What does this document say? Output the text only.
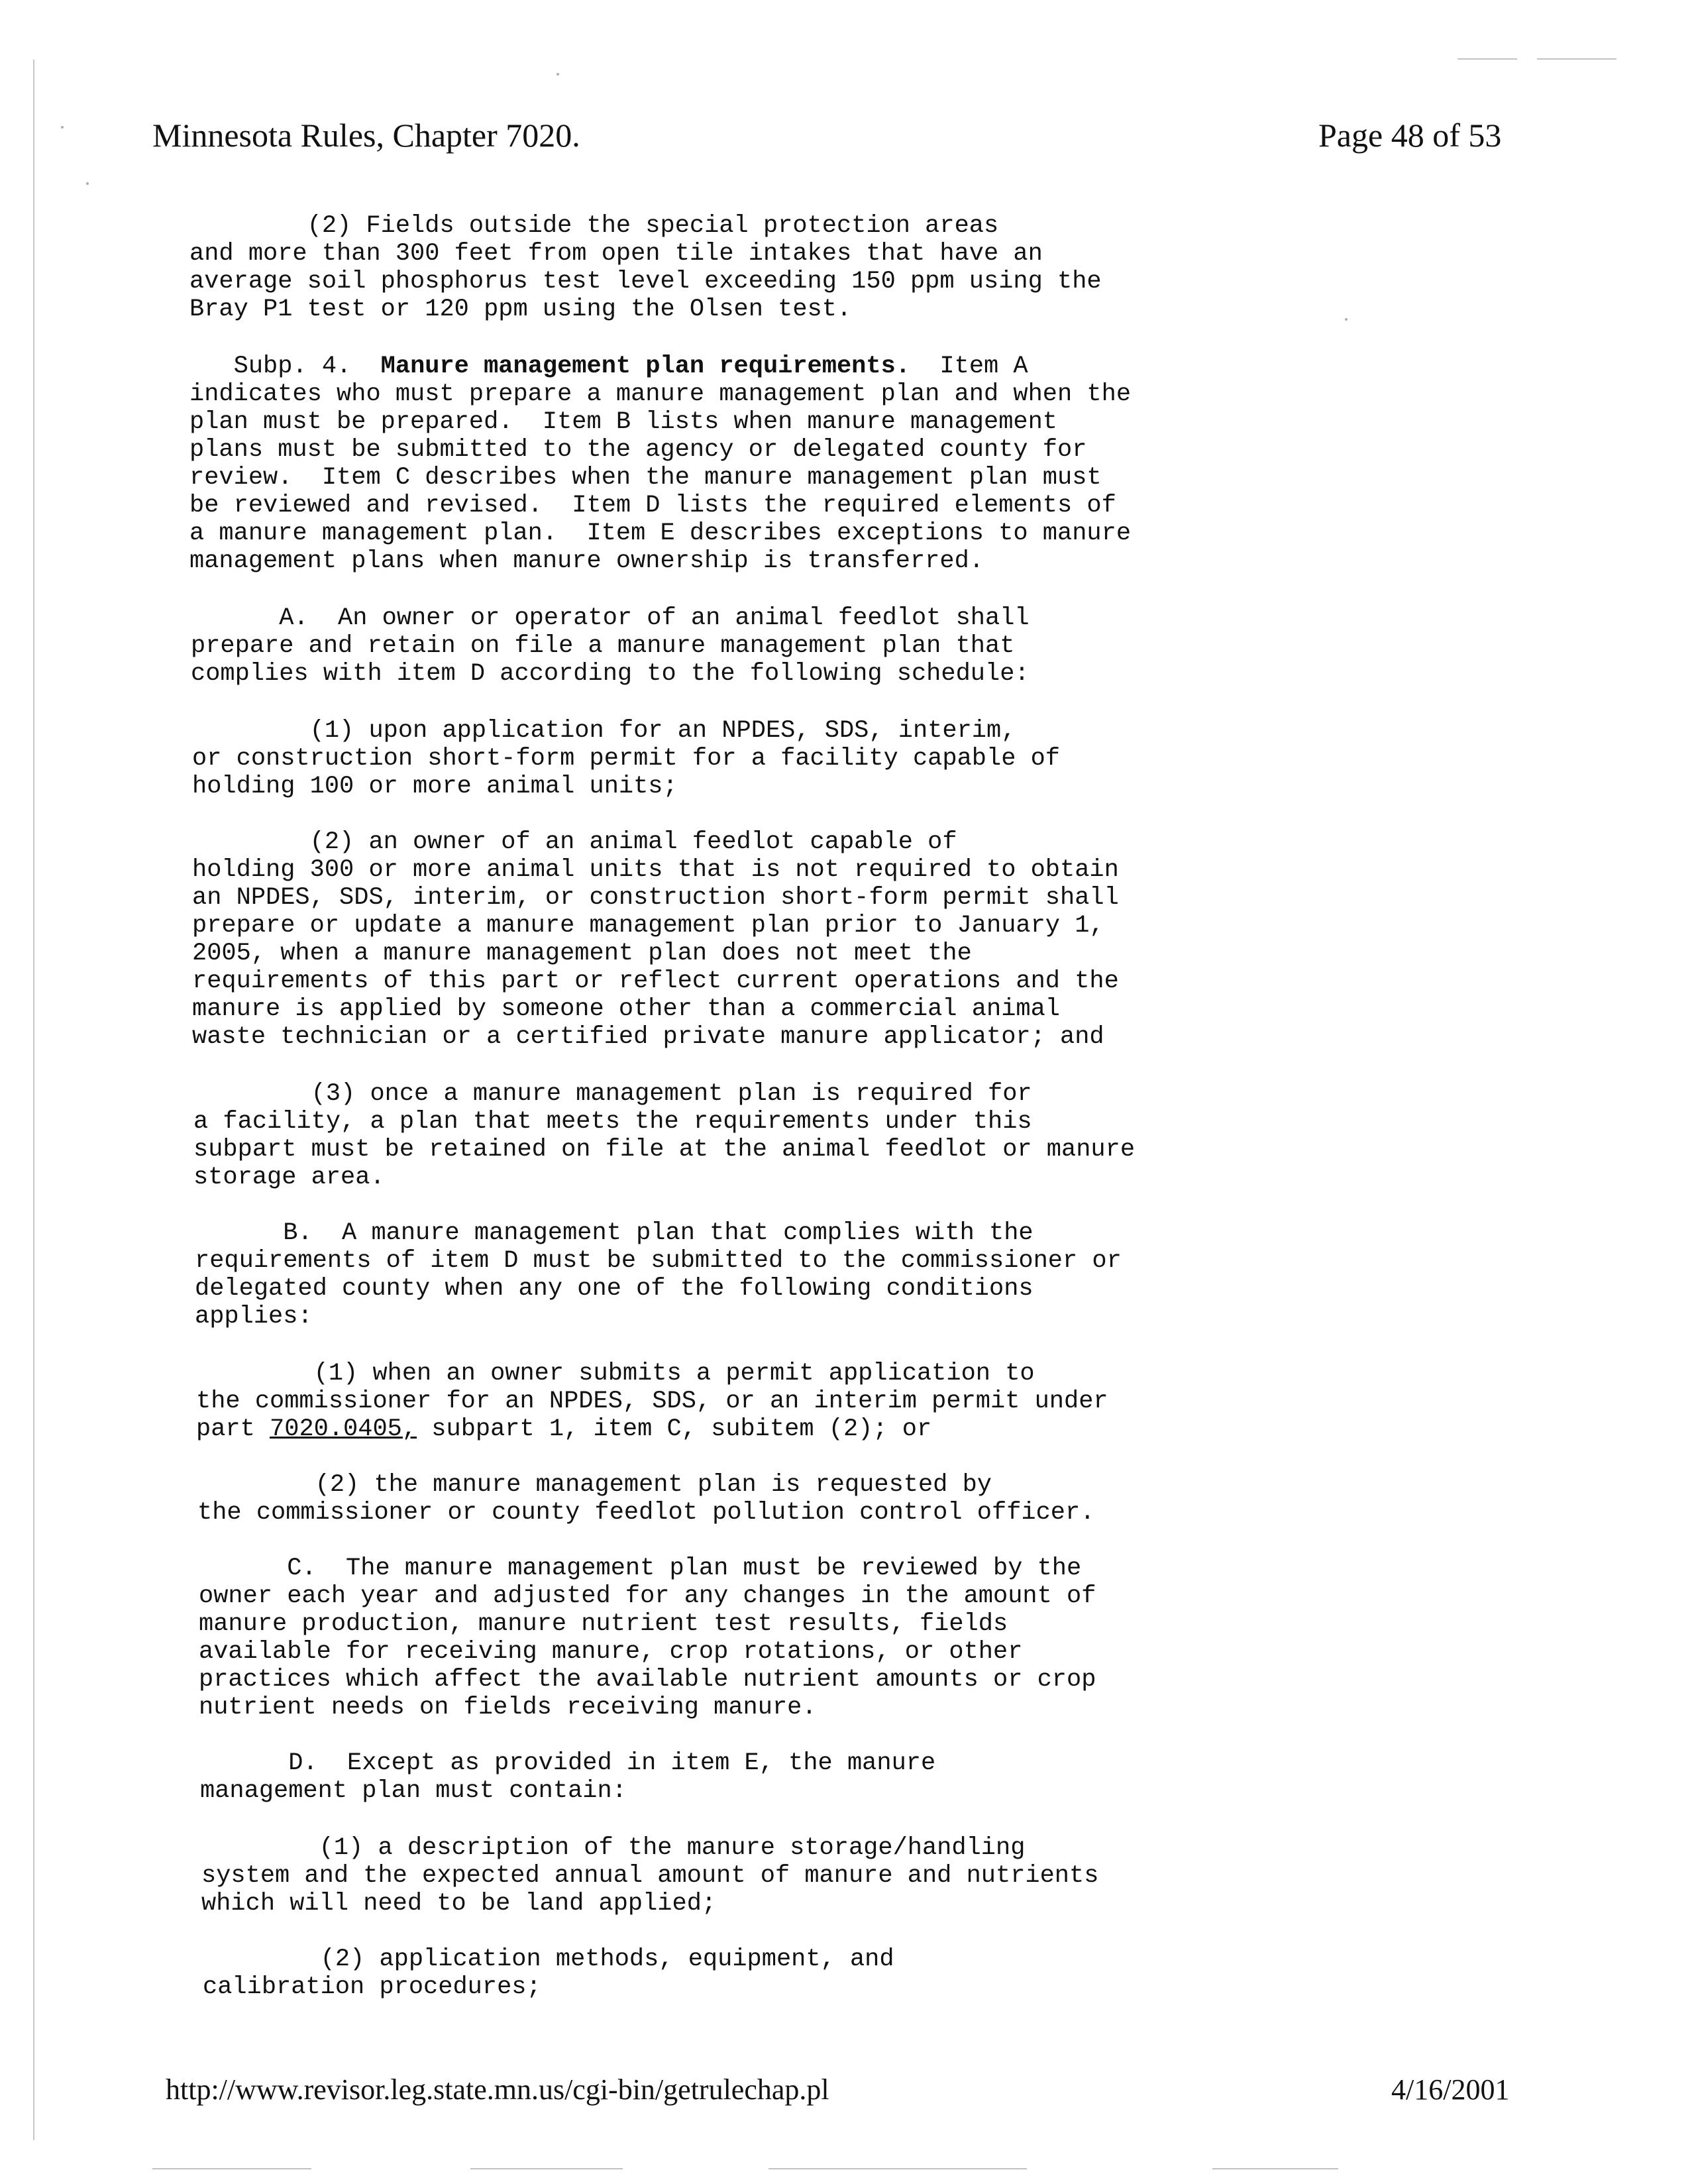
Minnesota Rules, Chapter 7020.	Page 48 of 53
(2) Fields outside the special protection areas
and more than 300 feet from open tile intakes that have an
average soil phosphorus test level exceeding 150 ppm using the
Bray P1 test or 120 ppm using the Olsen test.
Subp. 4.  Manure management plan requirements.  Item A
indicates who must prepare a manure management plan and when the
plan must be prepared.  Item B lists when manure management
plans must be submitted to the agency or delegated county for
review.  Item C describes when the manure management plan must
be reviewed and revised.  Item D lists the required elements of
a manure management plan.  Item E describes exceptions to manure
management plans when manure ownership is transferred.
A.  An owner or operator of an animal feedlot shall
prepare and retain on file a manure management plan that
complies with item D according to the following schedule:
(1) upon application for an NPDES, SDS, interim,
or construction short-form permit for a facility capable of
holding 100 or more animal units;
(2) an owner of an animal feedlot capable of
holding 300 or more animal units that is not required to obtain
an NPDES, SDS, interim, or construction short-form permit shall
prepare or update a manure management plan prior to January 1,
2005, when a manure management plan does not meet the
requirements of this part or reflect current operations and the
manure is applied by someone other than a commercial animal
waste technician or a certified private manure applicator; and
(3) once a manure management plan is required for
a facility, a plan that meets the requirements under this
subpart must be retained on file at the animal feedlot or manure
storage area.
B.  A manure management plan that complies with the
requirements of item D must be submitted to the commissioner or
delegated county when any one of the following conditions
applies:
(1) when an owner submits a permit application to
the commissioner for an NPDES, SDS, or an interim permit under
part 7020.0405, subpart 1, item C, subitem (2); or
(2) the manure management plan is requested by
the commissioner or county feedlot pollution control officer.
C.  The manure management plan must be reviewed by the
owner each year and adjusted for any changes in the amount of
manure production, manure nutrient test results, fields
available for receiving manure, crop rotations, or other
practices which affect the available nutrient amounts or crop
nutrient needs on fields receiving manure.
D.  Except as provided in item E, the manure
management plan must contain:
(1) a description of the manure storage/handling
system and the expected annual amount of manure and nutrients
which will need to be land applied;
(2) application methods, equipment, and
calibration procedures;
http://www.revisor.leg.state.mn.us/cgi-bin/getrulechap.pl	4/16/2001
